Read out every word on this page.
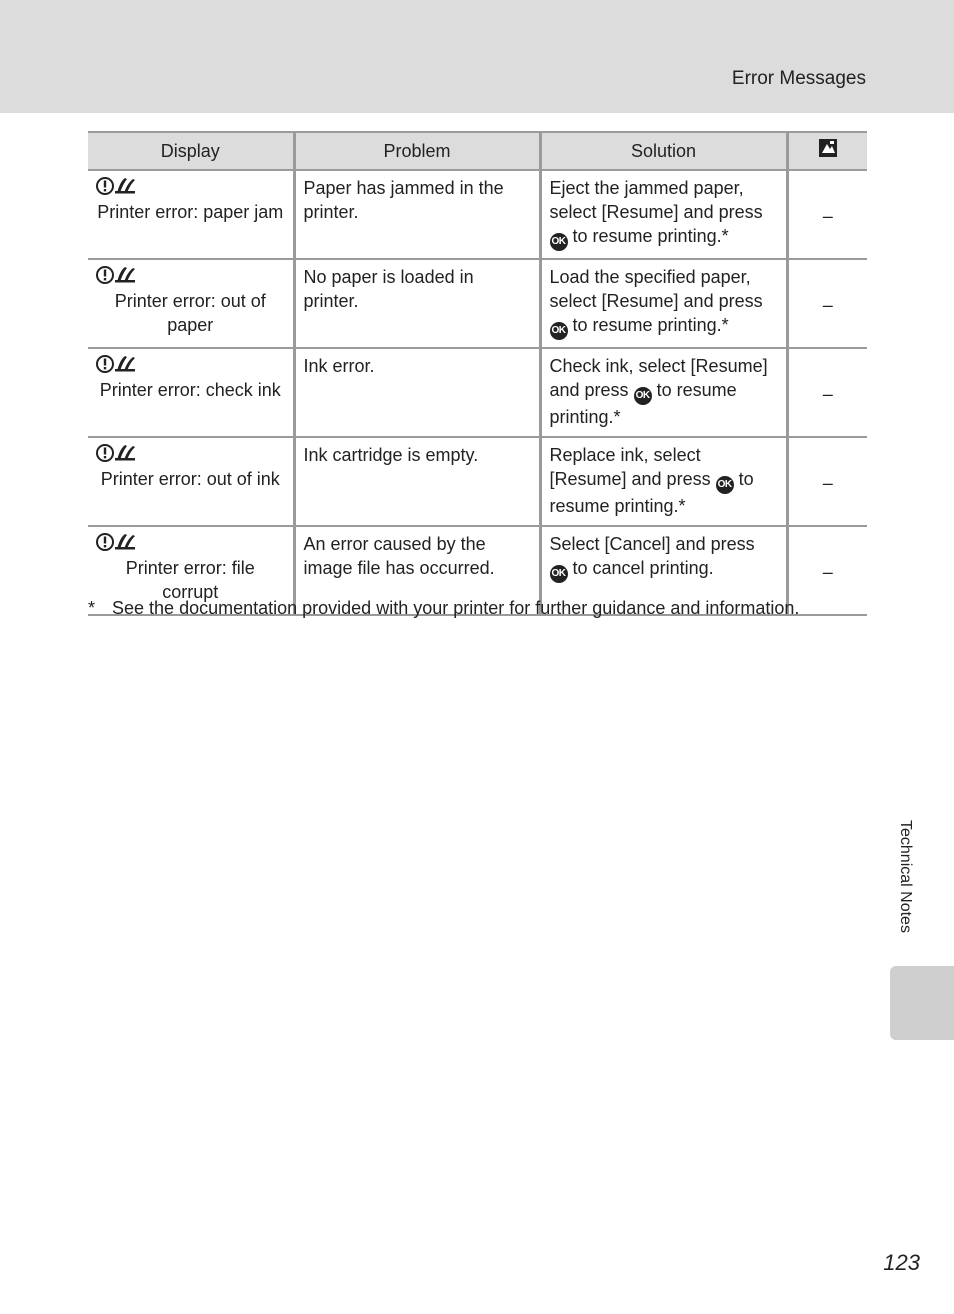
Error Messages
Display	Problem	Solution	

Printer error: paper jam	Paper has jammed in the printer.	Eject the jammed paper, select [Resume] and press OK to resume printing.*	–

Printer error: out of paper	No paper is loaded in printer.	Load the specified paper, select [Resume] and press OK to resume printing.*	–

Printer error: check ink	Ink error.	Check ink, select [Resume] and press OK to resume printing.*	–

Printer error: out of ink	Ink cartridge is empty.	Replace ink, select [Resume] and press OK to resume printing.*	–

Printer error: file corrupt	An error caused by the image file has occurred.	Select [Cancel] and press OK to cancel printing.	–
* See the documentation provided with your printer for further guidance and information.
Technical Notes
123
